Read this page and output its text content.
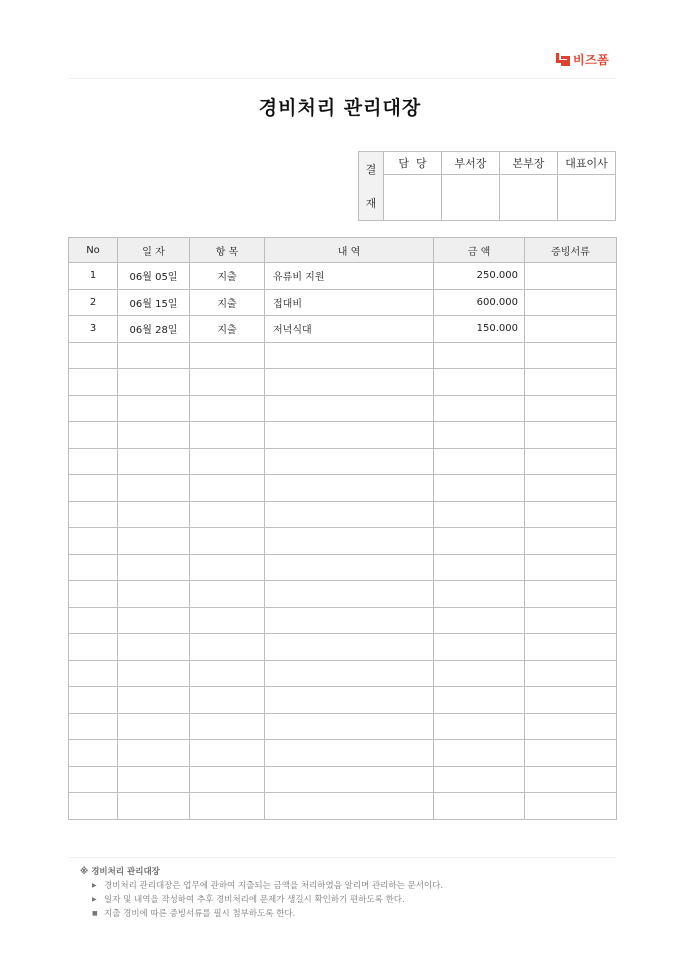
비즈폼
경비처리 관리대장
결
재	담  당	부서장	본부장	대표이사

No	일 자	항 목	내 역	금 액	증빙서류
1	06월 05일	지출	유류비 지원	250.000	
2	06월 15일	지출	접대비	600.000	
3	06월 28일	지출	저녁식대	150.000	

※ 경비처리 관리대장
▶ 경비처리 관리대장은 업무에 관하여 지출되는 금액을 처리하였음 알리며 관리하는 문서이다.
▶ 일자 및 내역을 작성하여 추후 경비처리에 문제가 생길시 확인하기 편하도록 한다.
■ 지출 경비에 따른 증빙서류를 필시 첨부하도록 한다.
